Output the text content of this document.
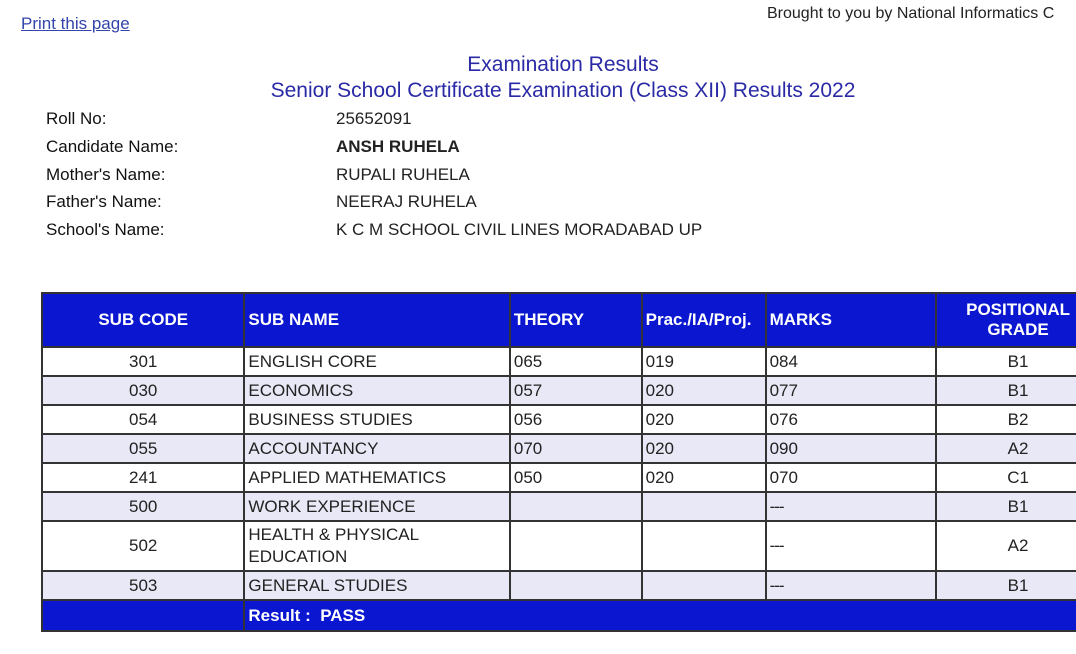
Print this page
Brought to you by National Informatics C
Examination Results
Senior School Certificate Examination (Class XII) Results 2022
Roll No:	25652091
Candidate Name:	ANSH RUHELA
Mother's Name:	RUPALI RUHELA
Father's Name:	NEERAJ RUHELA
School's Name:	K C M SCHOOL CIVIL LINES MORADABAD UP
SUB CODE	SUB NAME	THEORY	Prac./IA/Proj.	MARKS	POSITIONAL GRADE
301	ENGLISH CORE	065	019	084	B1
030	ECONOMICS	057	020	077	B1
054	BUSINESS STUDIES	056	020	076	B2
055	ACCOUNTANCY	070	020	090	A2
241	APPLIED MATHEMATICS	050	020	070	C1
500	WORK EXPERIENCE			---	B1
502	HEALTH & PHYSICAL EDUCATION			---	A2
503	GENERAL STUDIES			---	B1
	Result : PASS				
